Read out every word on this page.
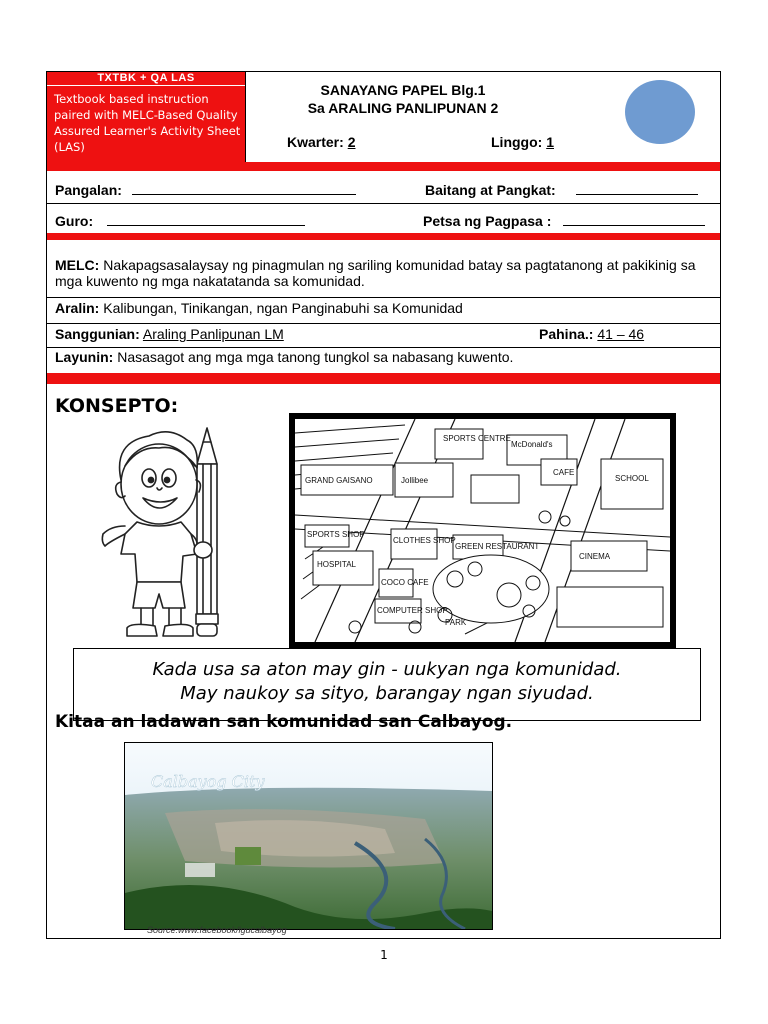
TXTBK + QA LAS
Textbook based instruction paired with MELC-Based Quality Assured Learner's Activity Sheet (LAS)
SANAYANG PAPEL Blg.1
Sa ARALING PANLIPUNAN 2
Kwarter: 2	Linggo: 1
Pangalan:	Baitang at Pangkat:
Guro:	Petsa ng Pagpasa :
MELC: Nakapagsasalaysay ng pinagmulan ng sariling komunidad batay sa pagtatanong at pakikinig sa mga kuwento ng mga nakatatanda sa komunidad.
Aralin: Kalibungan, Tinikangan, ngan Panginabuhi sa Komunidad
Sanggunian: Araling Panlipunan LM	Pahina.: 41 – 46
Layunin: Nasasagot ang mga mga tanong tungkol sa nabasang kuwento.
KONSEPTO:
SPORTS CENTRE
McDonald's
CAFE
SCHOOL
GRAND GAISANO	Jollibee
SPORTS SHOP
HOSPITAL
CLOTHES SHOP
GREEN RESTAURANT
CINEMA
COCO CAFE
COMPUTER SHOP
PARK
Kada usa sa aton may gin - uukyan nga komunidad.
May naukoy sa sityo, barangay ngan siyudad.
Kitaa an ladawan san komunidad san Calbayog.
Calbayog City
Source:www.facebook/lgucalbayog
1
